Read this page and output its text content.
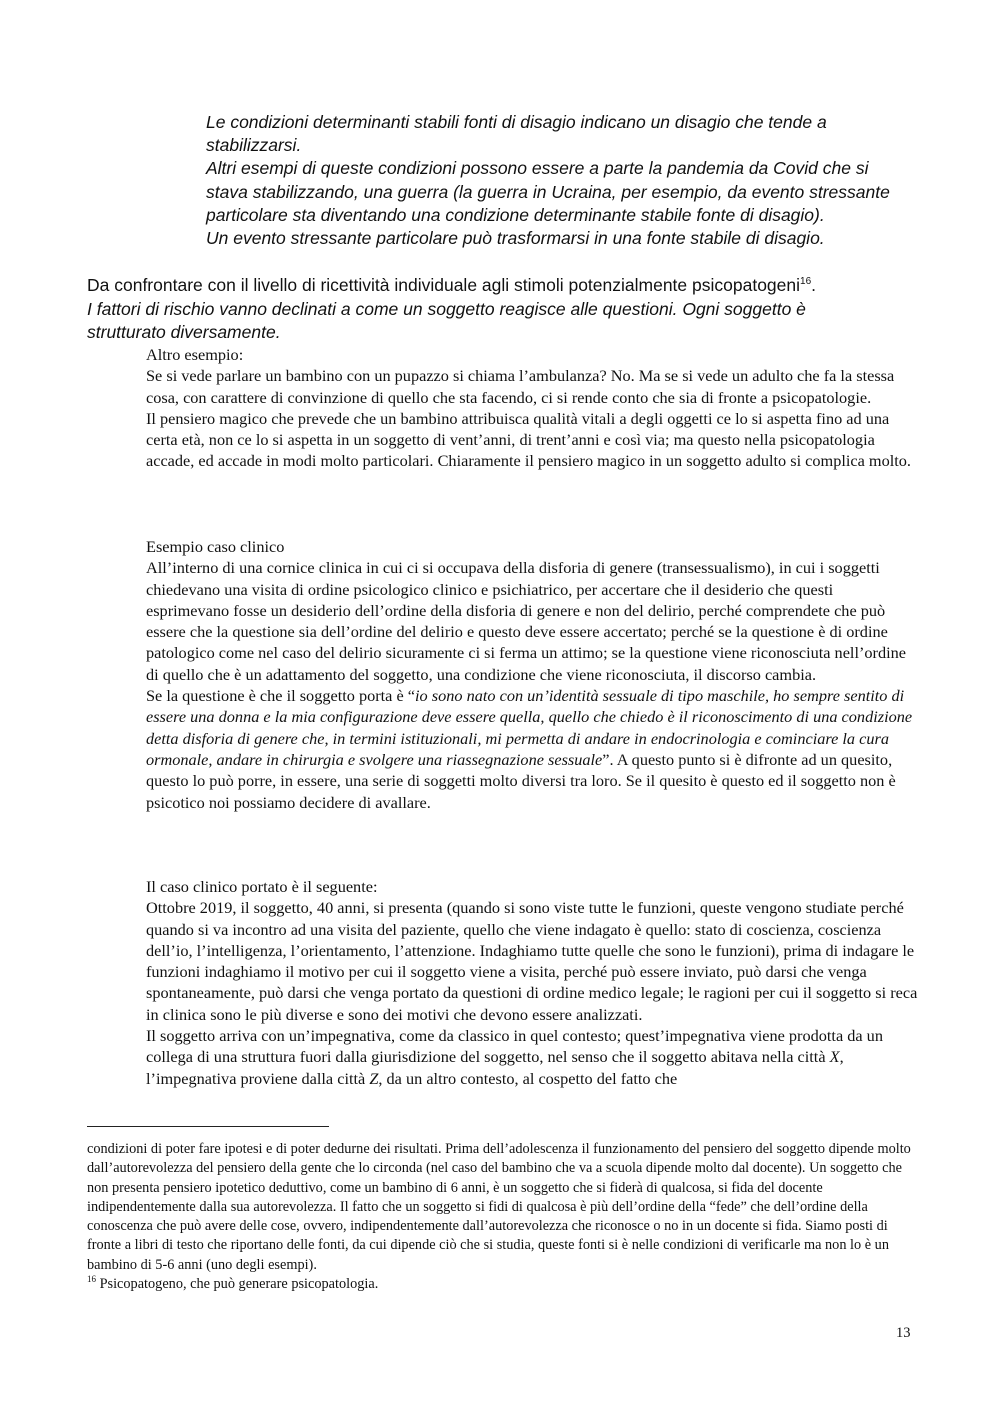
Le condizioni determinanti stabili fonti di disagio indicano un disagio che tende a stabilizzarsi.

Altri esempi di queste condizioni possono essere a parte la pandemia da Covid che si stava stabilizzando, una guerra (la guerra in Ucraina, per esempio, da evento stressante particolare sta diventando una condizione determinante stabile fonte di disagio).

Un evento stressante particolare può trasformarsi in una fonte stabile di disagio.

Da confrontare con il livello di ricettività individuale agli stimoli potenzialmente psicopatogeni$^{16}$.
I fattori di rischio vanno declinati a come un soggetto reagisce alle questioni. Ogni soggetto è strutturato diversamente.

Altro esempio:

Se si vede parlare un bambino con un pupazzo si chiama l’ambulanza? No. Ma se si vede un adulto che fa la stessa cosa, con carattere di convinzione di quello che sta facendo, ci si rende conto che sia di fronte a psicopatologie.

Il pensiero magico che prevede che un bambino attribuisca qualità vitali a degli oggetti ce lo si aspetta fino ad una certa età, non ce lo si aspetta in un soggetto di vent’anni, di trent’anni e così via; ma questo nella psicopatologia accade, ed accade in modi molto particolari. Chiaramente il pensiero magico in un soggetto adulto si complica molto.

Esempio caso clinico

All’interno di una cornice clinica in cui ci si occupava della disforia di genere (transessualismo), in cui i soggetti chiedevano una visita di ordine psicologico clinico e psichiatrico, per accertare che il desiderio che questi esprimevano fosse un desiderio dell’ordine della disforia di genere e non del delirio, perché comprendete che può essere che la questione sia dell’ordine del delirio e questo deve essere accertato; perché se la questione è di ordine patologico come nel caso del delirio sicuramente ci si ferma un attimo; se la questione viene riconosciuta nell’ordine di quello che è un adattamento del soggetto, una condizione che viene riconosciuta, il discorso cambia.

Se la questione è che il soggetto porta è “io sono nato con un’identità sessuale di tipo maschile, ho sempre sentito di essere una donna e la mia configurazione deve essere quella, quello che chiedo è il riconoscimento di una condizione detta disforia di genere che, in termini istituzionali, mi permetta di andare in endocrinologia e cominciare la cura ormonale, andare in chirurgia e svolgere una riassegnazione sessuale”. A questo punto si è difronte ad un quesito, questo lo può porre, in essere, una serie di soggetti molto diversi tra loro. Se il quesito è questo ed il soggetto non è psicotico noi possiamo decidere di avallare.

Il caso clinico portato è il seguente:

Ottobre 2019, il soggetto, 40 anni, si presenta (quando si sono viste tutte le funzioni, queste vengono studiate perché quando si va incontro ad una visita del paziente, quello che viene indagato è quello: stato di coscienza, coscienza dell’io, l’intelligenza, l’orientamento, l’attenzione. Indaghiamo tutte quelle che sono le funzioni), prima di indagare le funzioni indaghiamo il motivo per cui il soggetto viene a visita, perché può essere inviato, può darsi che venga spontaneamente, può darsi che venga portato da questioni di ordine medico legale; le ragioni per cui il soggetto si reca in clinica sono le più diverse e sono dei motivi che devono essere analizzati.

Il soggetto arriva con un’impegnativa, come da classico in quel contesto; quest’impegnativa viene prodotta da un collega di una struttura fuori dalla giurisdizione del soggetto, nel senso che il soggetto abitava nella città X, l’impegnativa proviene dalla città Z, da un altro contesto, al cospetto del fatto che

condizioni di poter fare ipotesi e di poter dedurne dei risultati. Prima dell’adolescenza il funzionamento del pensiero del soggetto dipende molto dall’autorevolezza del pensiero della gente che lo circonda (nel caso del bambino che va a scuola dipende molto dal docente). Un soggetto che non presenta pensiero ipotetico deduttivo, come un bambino di 6 anni, è un soggetto che si fiderà di qualcosa, si fida del docente indipendentemente dalla sua autorevolezza. Il fatto che un soggetto si fidi di qualcosa è più dell’ordine della “fede” che dell’ordine della conoscenza che può avere delle cose, ovvero, indipendentemente dall’autorevolezza che riconosce o no in un docente si fida. Siamo posti di fronte a libri di testo che riportano delle fonti, da cui dipende ciò che si studia, queste fonti si è nelle condizioni di verificarle ma non lo è un bambino di 5-6 anni (uno degli esempi).

$^{16}$ Psicopatogeno, che può generare psicopatologia.

13
